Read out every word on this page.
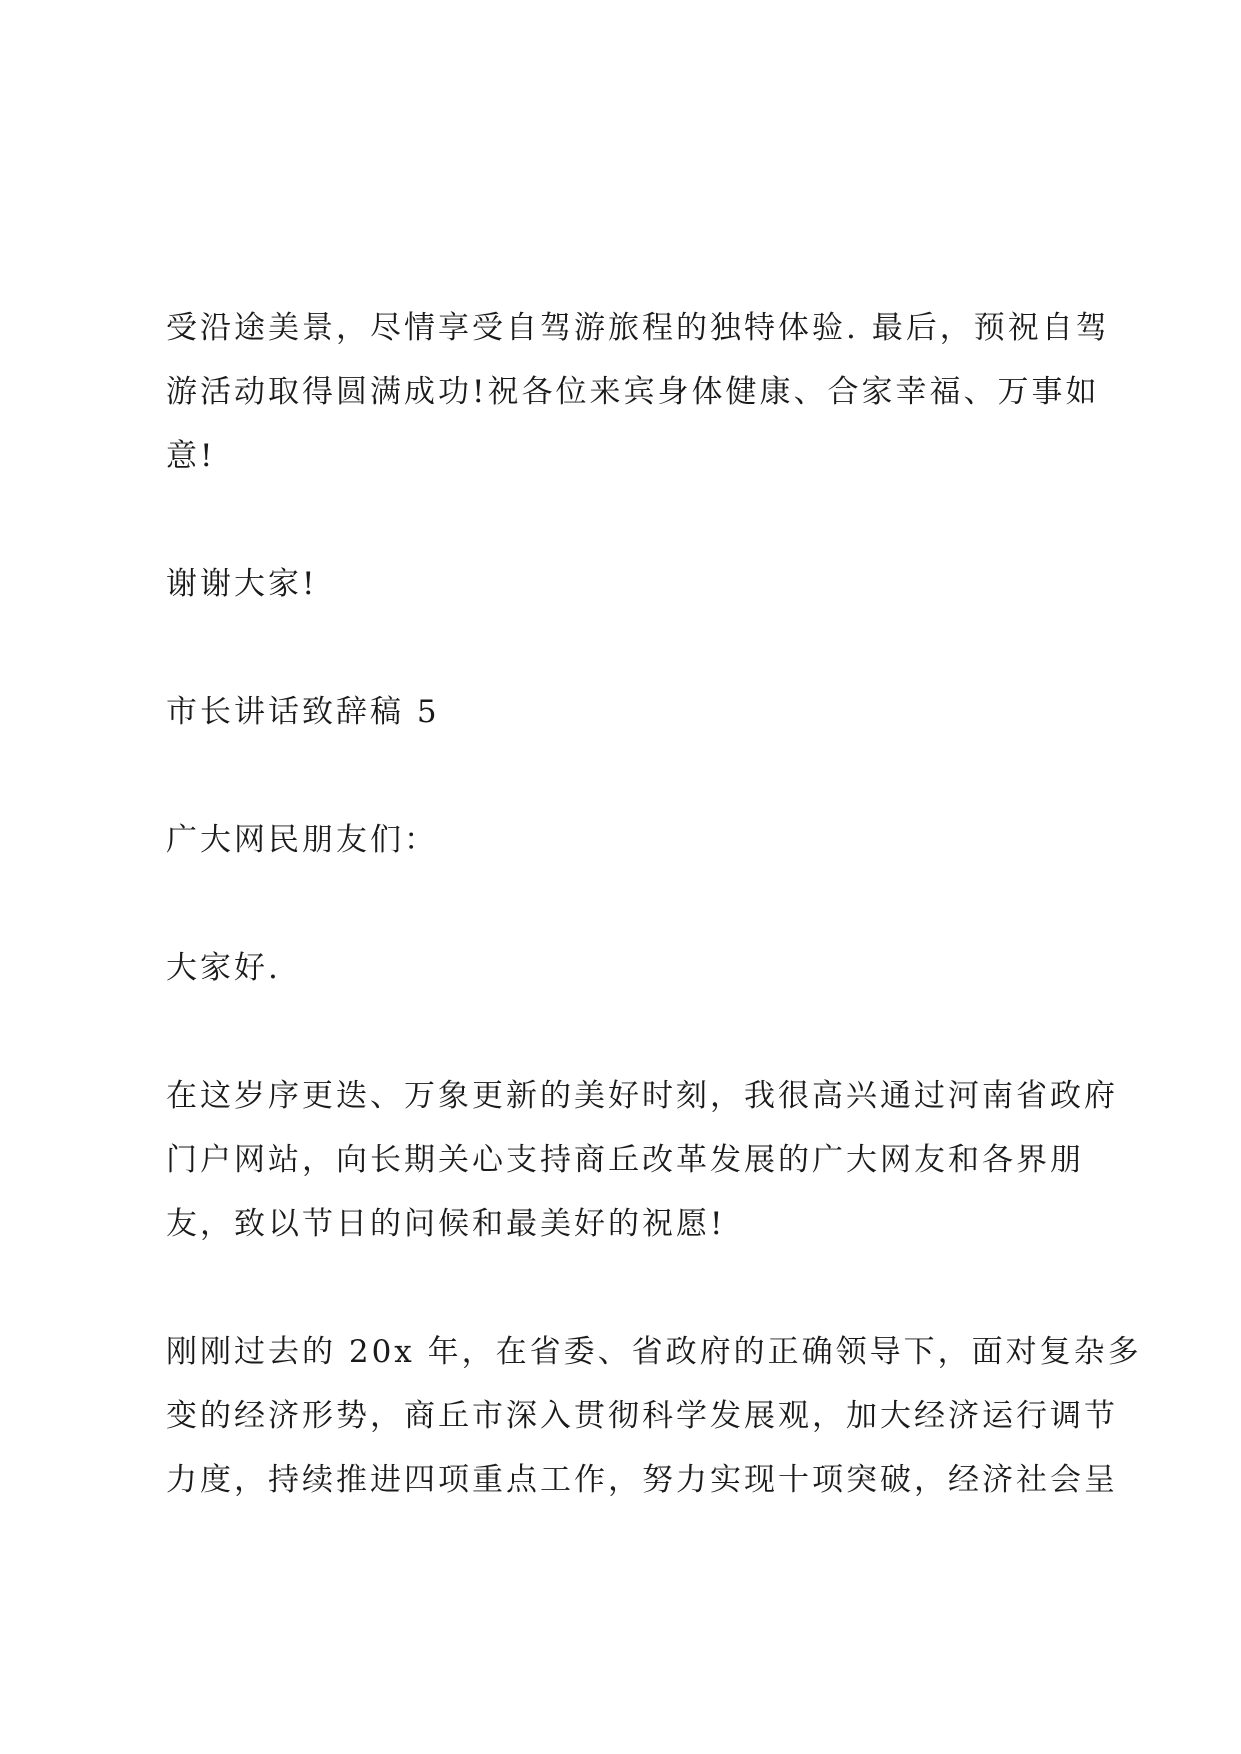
受沿途美景，尽情享受自驾游旅程的独特体验. 最后，预祝自驾
游活动取得圆满成功!祝各位来宾身体健康、合家幸福、万事如
意!

谢谢大家!

市长讲话致辞稿 5

广大网民朋友们：

大家好.

在这岁序更迭、万象更新的美好时刻，我很高兴通过河南省政府
门户网站，向长期关心支持商丘改革发展的广大网友和各界朋
友，致以节日的问候和最美好的祝愿!

刚刚过去的 20x 年，在省委、省政府的正确领导下，面对复杂多
变的经济形势，商丘市深入贯彻科学发展观，加大经济运行调节
力度，持续推进四项重点工作，努力实现十项突破，经济社会呈
